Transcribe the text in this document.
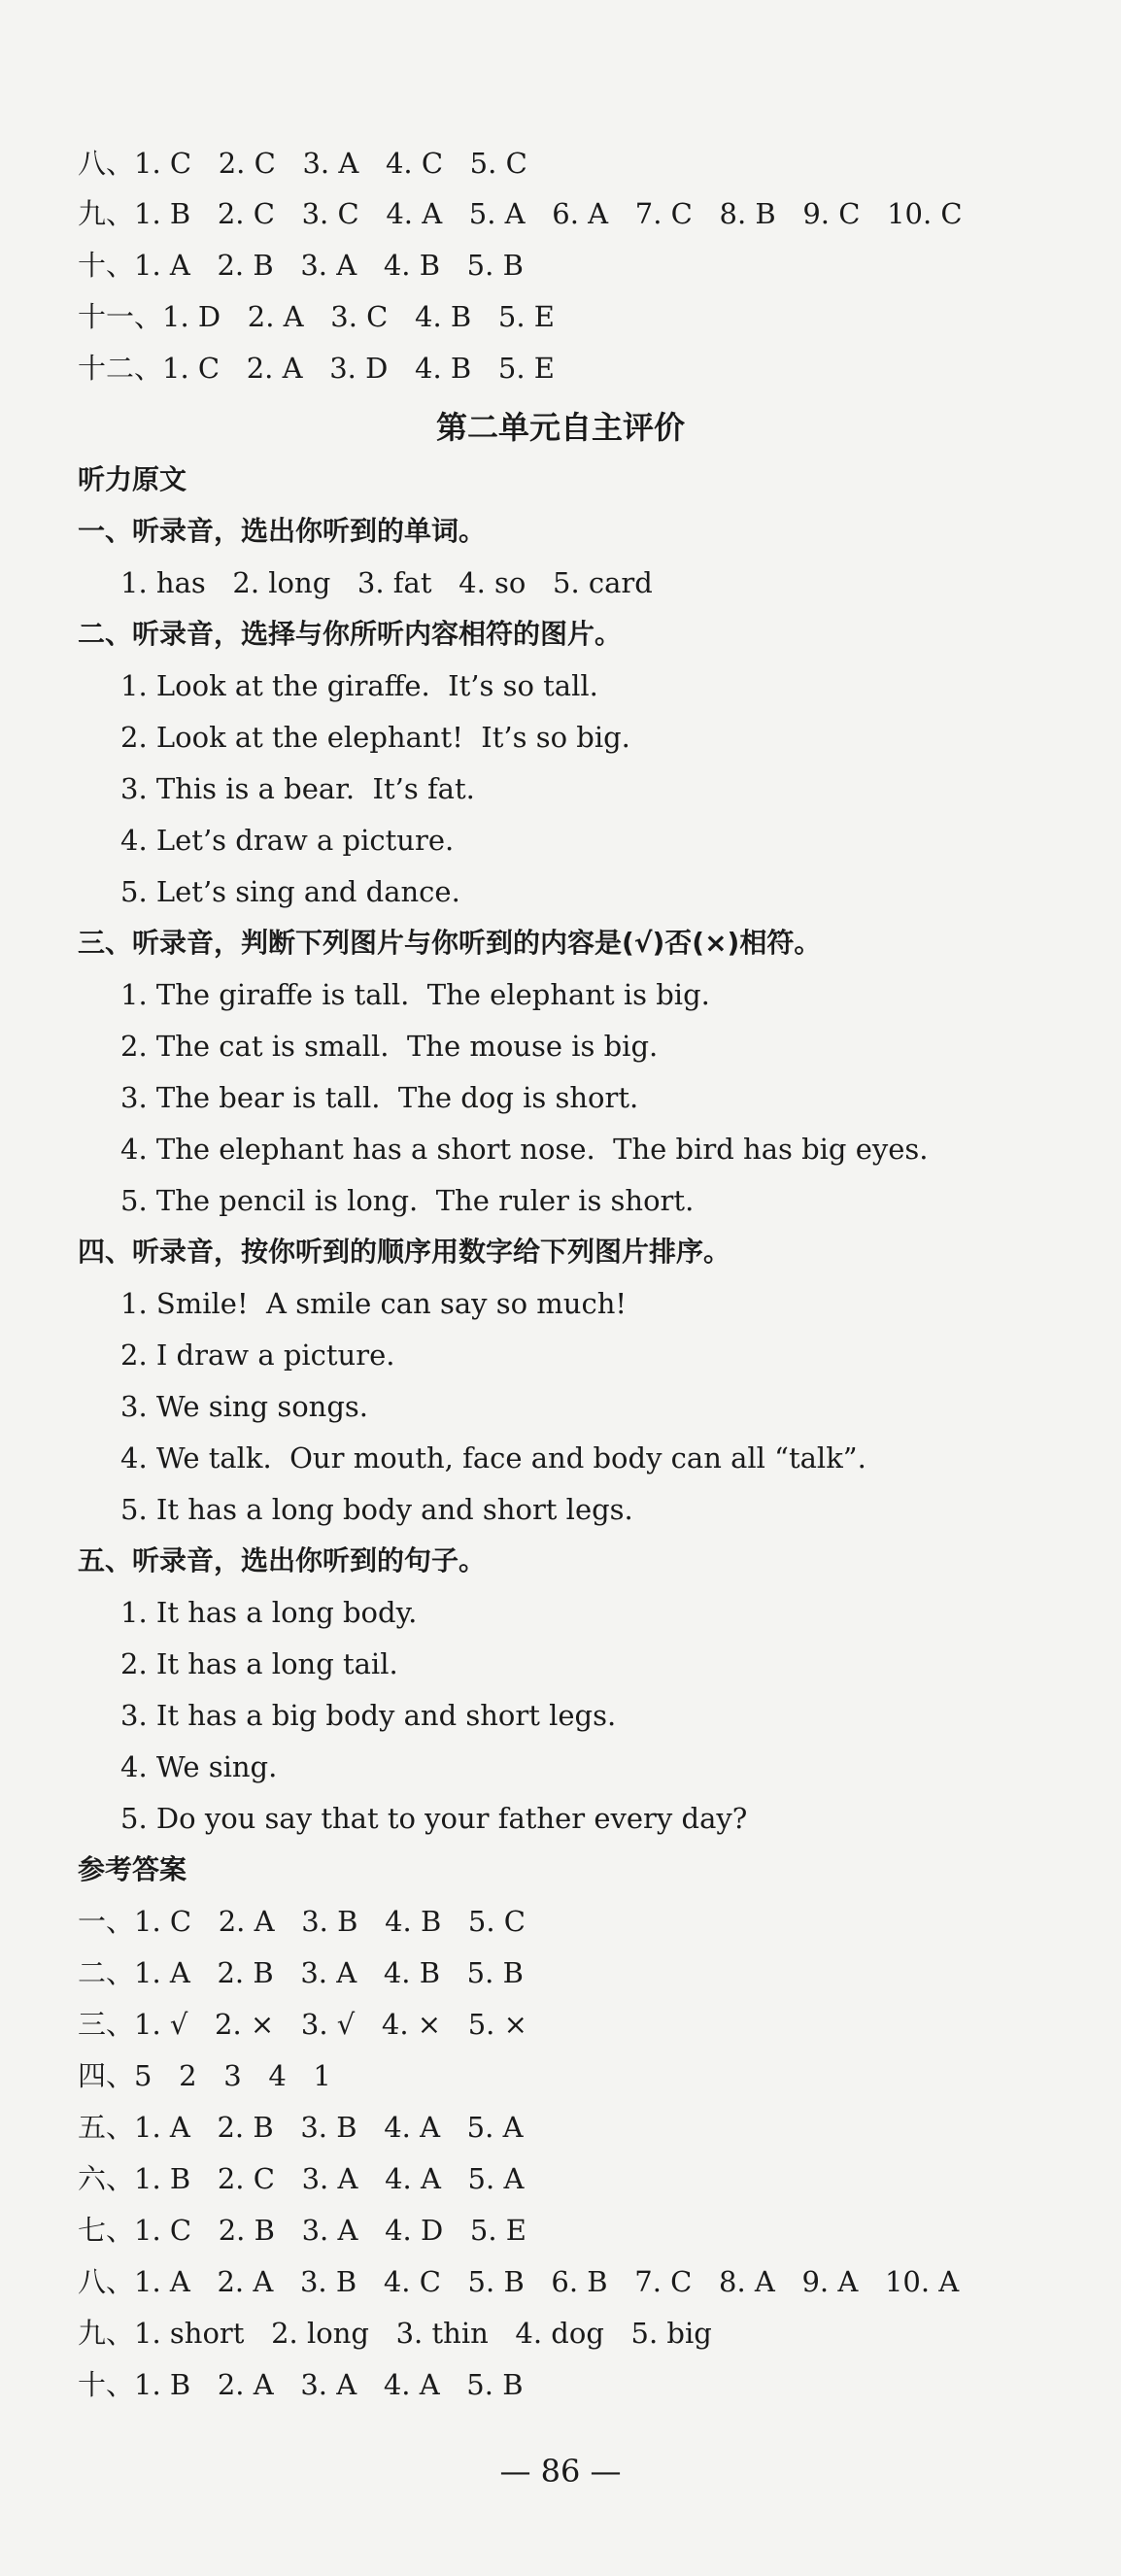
八、1. C   2. C   3. A   4. C   5. C
九、1. B   2. C   3. C   4. A   5. A   6. A   7. C   8. B   9. C   10. C
十、1. A   2. B   3. A   4. B   5. B
十一、1. D   2. A   3. C   4. B   5. E
十二、1. C   2. A   3. D   4. B   5. E
第二单元自主评价
听力原文
一、听录音，选出你听到的单词。
1. has   2. long   3. fat   4. so   5. card
二、听录音，选择与你所听内容相符的图片。
1. Look at the giraffe.  It’s so tall.
2. Look at the elephant!  It’s so big.
3. This is a bear.  It’s fat.
4. Let’s draw a picture.
5. Let’s sing and dance.
三、听录音，判断下列图片与你听到的内容是(√)否(×)相符。
1. The giraffe is tall.  The elephant is big.
2. The cat is small.  The mouse is big.
3. The bear is tall.  The dog is short.
4. The elephant has a short nose.  The bird has big eyes.
5. The pencil is long.  The ruler is short.
四、听录音，按你听到的顺序用数字给下列图片排序。
1. Smile!  A smile can say so much!
2. I draw a picture.
3. We sing songs.
4. We talk.  Our mouth, face and body can all “talk”.
5. It has a long body and short legs.
五、听录音，选出你听到的句子。
1. It has a long body.
2. It has a long tail.
3. It has a big body and short legs.
4. We sing.
5. Do you say that to your father every day?
参考答案
一、1. C   2. A   3. B   4. B   5. C
二、1. A   2. B   3. A   4. B   5. B
三、1. √   2. ×   3. √   4. ×   5. ×
四、5   2   3   4   1
五、1. A   2. B   3. B   4. A   5. A
六、1. B   2. C   3. A   4. A   5. A
七、1. C   2. B   3. A   4. D   5. E
八、1. A   2. A   3. B   4. C   5. B   6. B   7. C   8. A   9. A   10. A
九、1. short   2. long   3. thin   4. dog   5. big
十、1. B   2. A   3. A   4. A   5. B
— 86 —
